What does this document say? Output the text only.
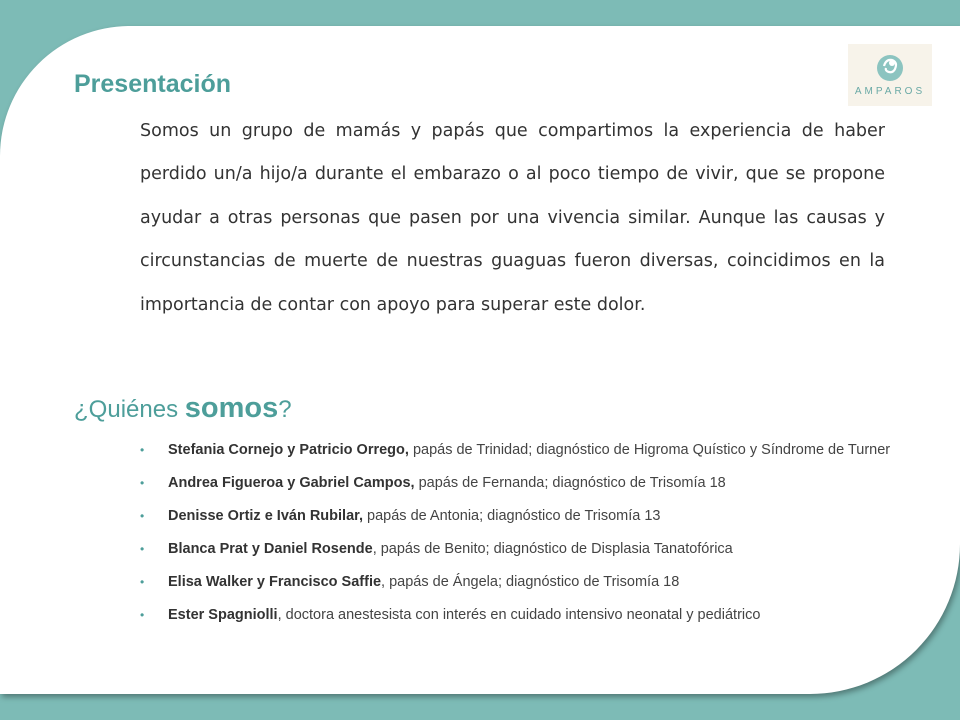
AMPAROS
Presentación
Somos un grupo de mamás y papás que compartimos la experiencia de haber perdido un/a hijo/a durante el embarazo o al poco tiempo de vivir, que se propone ayudar a otras personas que pasen por una vivencia similar. Aunque las causas y circunstancias de muerte de nuestras guaguas fueron diversas, coincidimos en la importancia de contar con apoyo para superar este dolor.
¿Quiénes somos?
• Stefania Cornejo y Patricio Orrego, papás de Trinidad; diagnóstico de Higroma Quístico y Síndrome de Turner
• Andrea Figueroa y Gabriel Campos, papás de Fernanda; diagnóstico de Trisomía 18
• Denisse Ortiz e Iván Rubilar, papás de Antonia; diagnóstico de Trisomía 13
• Blanca Prat y Daniel Rosende, papás de Benito; diagnóstico de Displasia Tanatofórica
• Elisa Walker y Francisco Saffie, papás de Ángela; diagnóstico de Trisomía 18
• Ester Spagniolli, doctora anestesista con interés en cuidado intensivo neonatal y pediátrico
